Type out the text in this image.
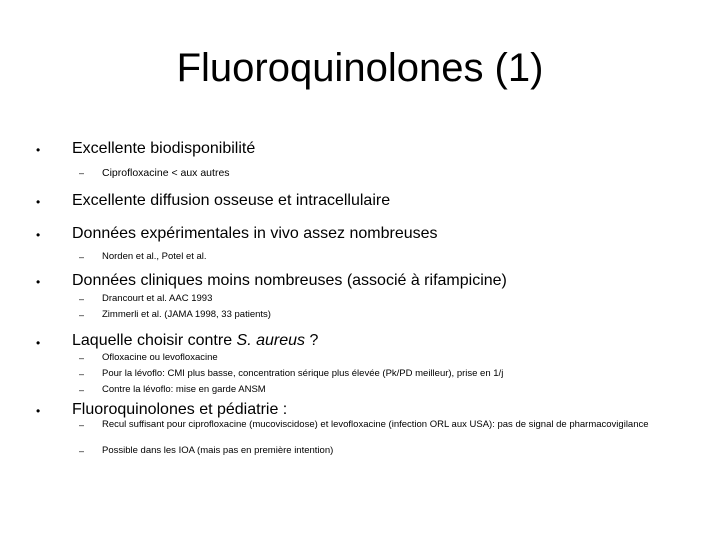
Fluoroquinolones (1)
• Excellente biodisponibilité
– Ciprofloxacine < aux autres
• Excellente diffusion osseuse et intracellulaire
• Données expérimentales in vivo assez nombreuses
– Norden et al., Potel et al.
• Données cliniques moins nombreuses (associé à rifampicine)
– Drancourt et al. AAC 1993
– Zimmerli et al. (JAMA 1998, 33 patients)
• Laquelle choisir contre S. aureus ?
– Ofloxacine ou levofloxacine
– Pour la lévoflo: CMI plus basse, concentration sérique plus élevée (Pk/PD meilleur), prise en 1/j
– Contre la lévoflo: mise en garde ANSM
• Fluoroquinolones et pédiatrie :
– Recul suffisant pour ciprofloxacine (mucoviscidose) et levofloxacine (infection ORL aux USA): pas de signal de pharmacovigilance
– Possible dans les IOA (mais pas en première intention)
